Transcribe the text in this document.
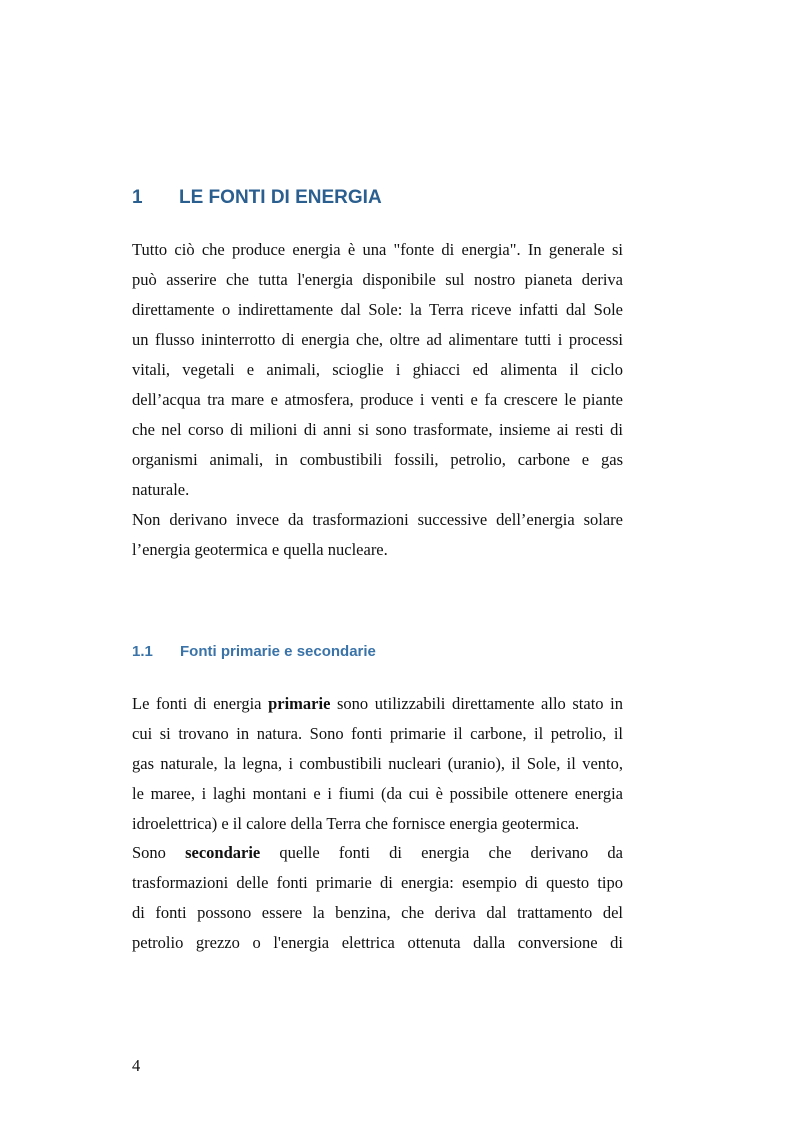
1 LE FONTI DI ENERGIA
Tutto ciò che produce energia è una "fonte di energia". In generale si
può asserire che tutta l'energia disponibile sul nostro pianeta deriva
direttamente o indirettamente dal Sole: la Terra riceve infatti dal Sole
un flusso ininterrotto di energia che, oltre ad alimentare tutti i processi
vitali, vegetali e animali, scioglie i ghiacci ed alimenta il ciclo
dell’acqua tra mare e atmosfera, produce i venti e fa crescere le piante
che nel corso di milioni di anni si sono trasformate, insieme ai resti di
organismi animali, in combustibili fossili, petrolio, carbone e gas
naturale.
Non derivano invece da trasformazioni successive dell’energia solare
l’energia geotermica e quella nucleare.
1.1 Fonti primarie e secondarie
Le fonti di energia primarie sono utilizzabili direttamente allo stato in
cui si trovano in natura. Sono fonti primarie il carbone, il petrolio, il
gas naturale, la legna, i combustibili nucleari (uranio), il Sole, il vento,
le maree, i laghi montani e i fiumi (da cui è possibile ottenere energia
idroelettrica) e il calore della Terra che fornisce energia geotermica.
Sono secondarie quelle fonti di energia che derivano da
trasformazioni delle fonti primarie di energia: esempio di questo tipo
di fonti possono essere la benzina, che deriva dal trattamento del
petrolio grezzo o l'energia elettrica ottenuta dalla conversione di
4
